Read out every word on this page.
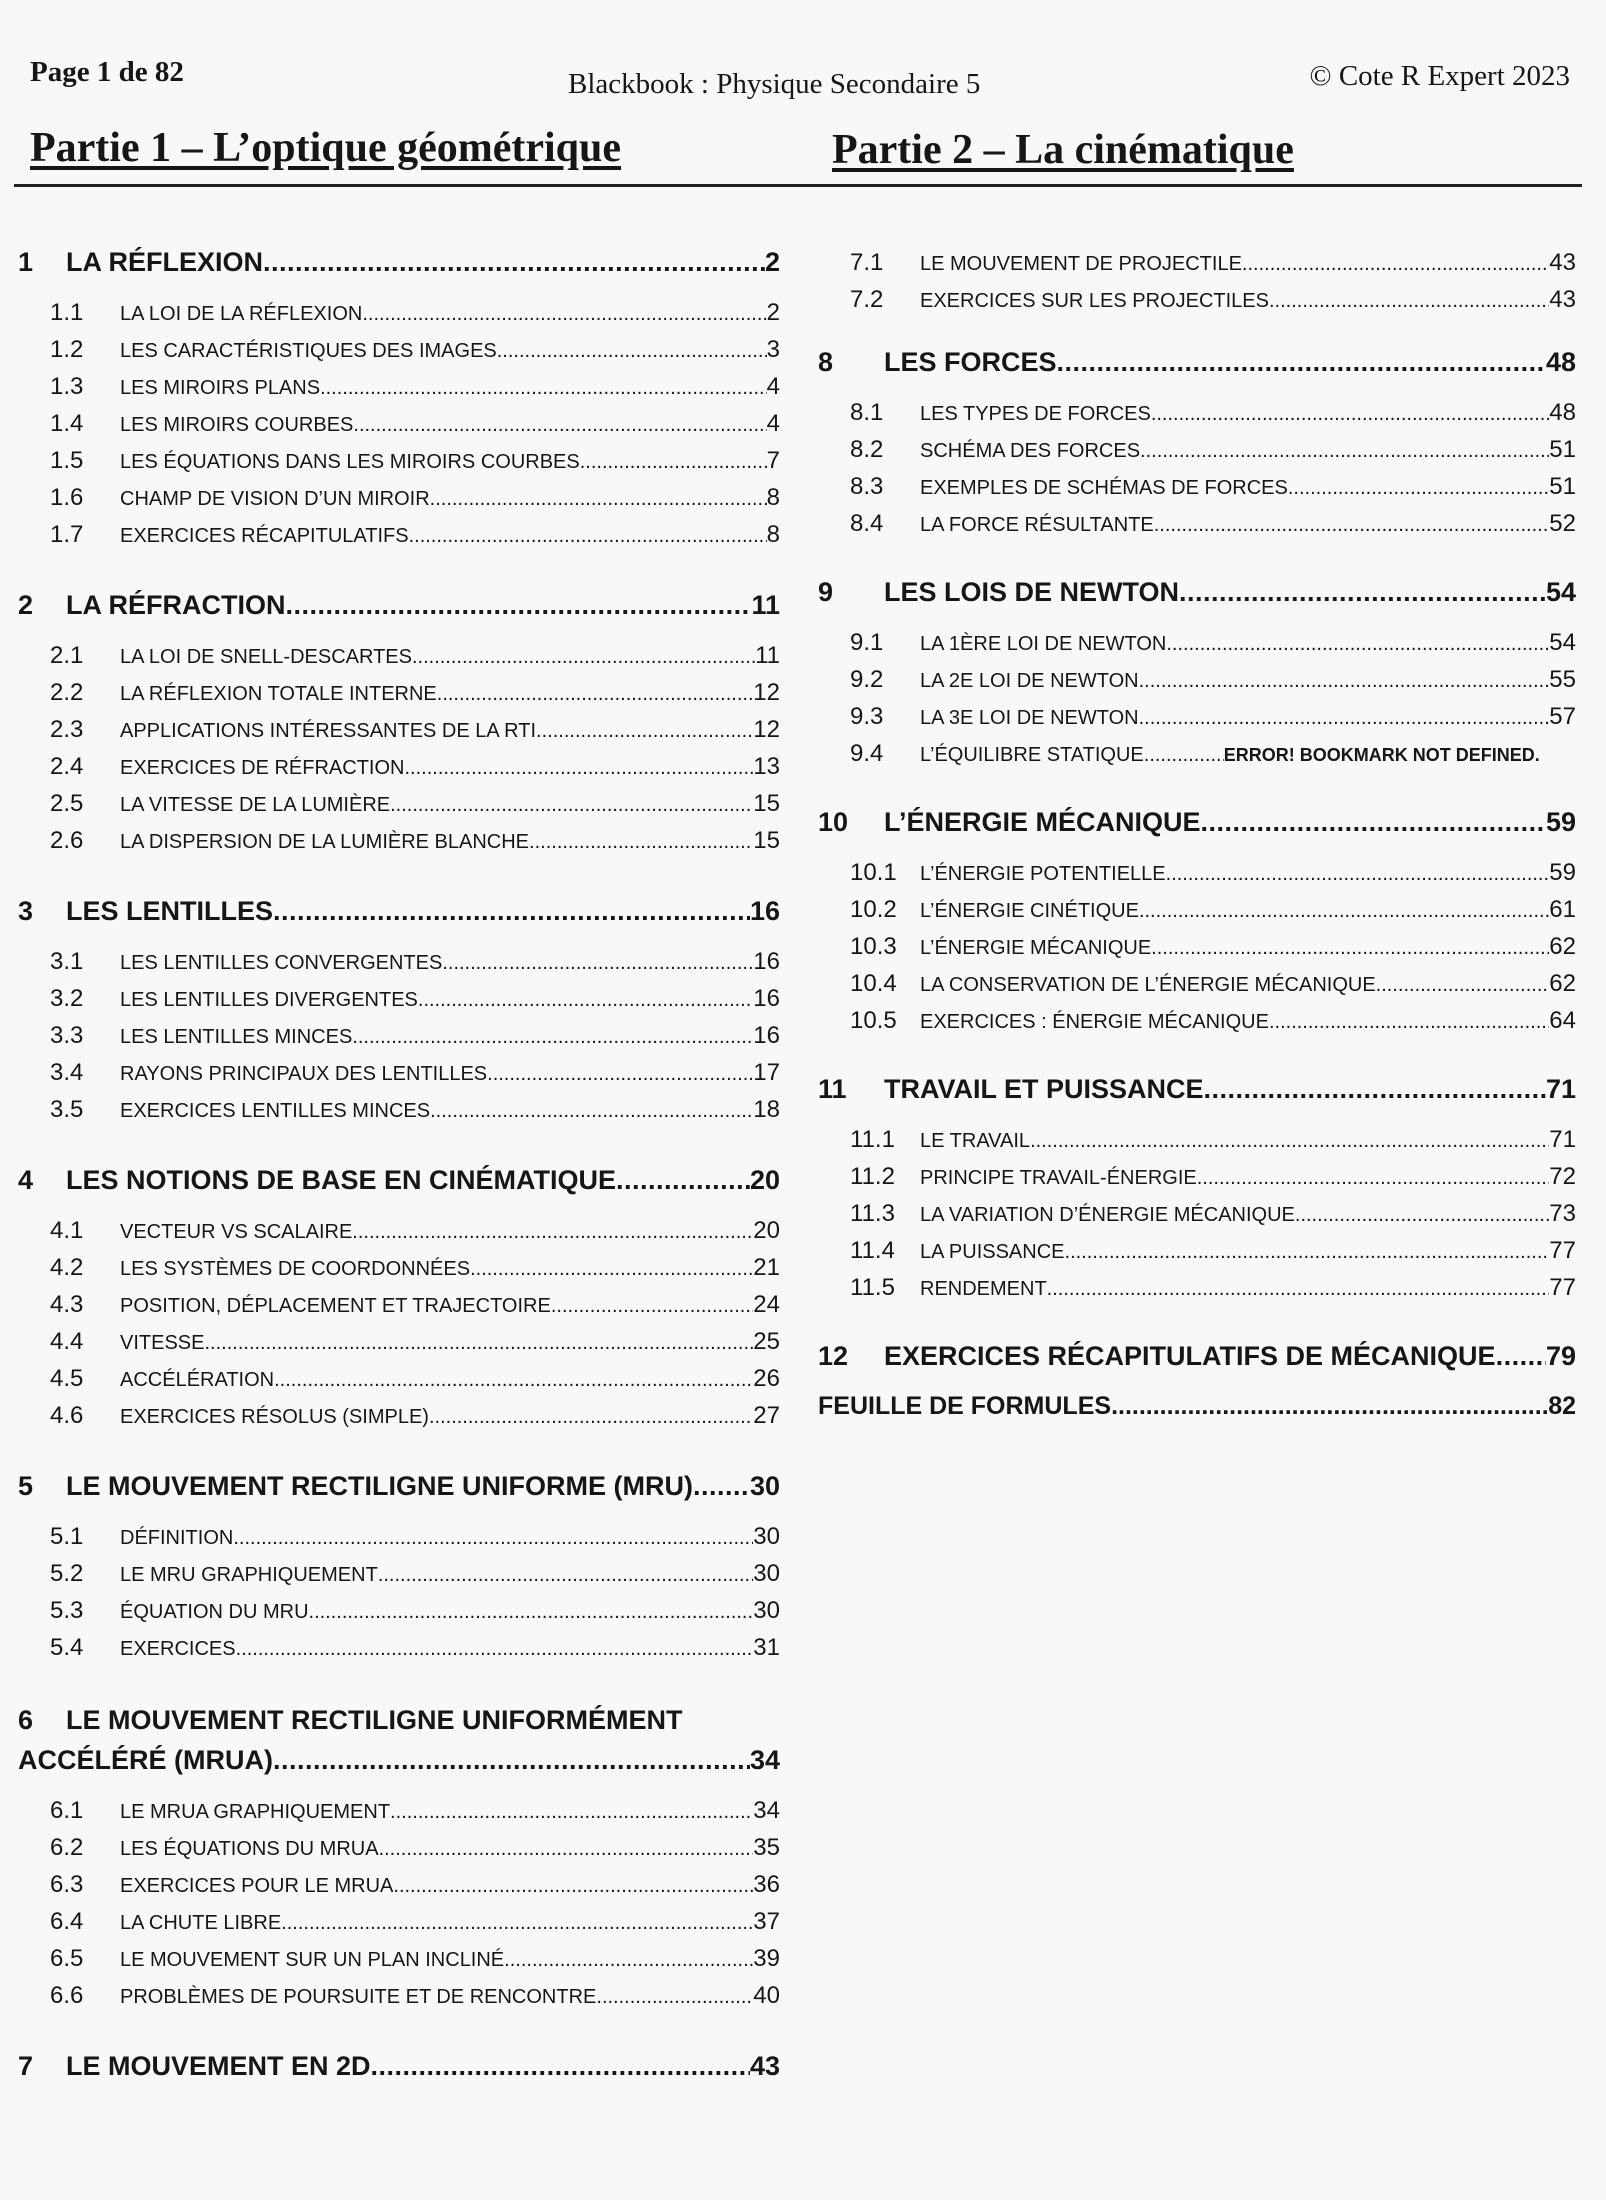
Page 1 de 82	Blackbook : Physique Secondaire 5	© Cote R Expert 2023
Partie 1 – L’optique géométrique	Partie 2 – La cinématique
1	LA RÉFLEXION .....	2
1.1	LA LOI DE LA RÉFLEXION .....	2
1.2	LES CARACTÉRISTIQUES DES IMAGES .....	3
1.3	LES MIROIRS PLANS .....	4
1.4	LES MIROIRS COURBES .....	4
1.5	LES ÉQUATIONS DANS LES MIROIRS COURBES .....	7
1.6	CHAMP DE VISION D’UN MIROIR .....	8
1.7	EXERCICES RÉCAPITULATIFS .....	8
2	LA RÉFRACTION .....	11
2.1	LA LOI DE SNELL-DESCARTES .....	11
2.2	LA RÉFLEXION TOTALE INTERNE .....	12
2.3	APPLICATIONS INTÉRESSANTES DE LA RTI .....	12
2.4	EXERCICES DE RÉFRACTION .....	13
2.5	LA VITESSE DE LA LUMIÈRE .....	15
2.6	LA DISPERSION DE LA LUMIÈRE BLANCHE .....	15
3	LES LENTILLES .....	16
3.1	LES LENTILLES CONVERGENTES .....	16
3.2	LES LENTILLES DIVERGENTES .....	16
3.3	LES LENTILLES MINCES .....	16
3.4	RAYONS PRINCIPAUX DES LENTILLES .....	17
3.5	EXERCICES LENTILLES MINCES .....	18
4	LES NOTIONS DE BASE EN CINÉMATIQUE .....	20
4.1	VECTEUR VS SCALAIRE .....	20
4.2	LES SYSTÈMES DE COORDONNÉES .....	21
4.3	POSITION, DÉPLACEMENT ET TRAJECTOIRE .....	24
4.4	VITESSE .....	25
4.5	ACCÉLÉRATION .....	26
4.6	EXERCICES RÉSOLUS (SIMPLE) .....	27
5	LE MOUVEMENT RECTILIGNE UNIFORME (MRU) ..... 30
5.1	DÉFINITION .....	30
5.2	LE MRU GRAPHIQUEMENT .....	30
5.3	ÉQUATION DU MRU .....	30
5.4	EXERCICES .....	31
6 LE MOUVEMENT RECTILIGNE UNIFORMÉMENT
ACCÉLÉRÉ (MRUA) .....	34
6.1	LE MRUA GRAPHIQUEMENT .....	34
6.2	LES ÉQUATIONS DU MRUA .....	35
6.3	EXERCICES POUR LE MRUA .....	36
6.4	LA CHUTE LIBRE .....	37
6.5	LE MOUVEMENT SUR UN PLAN INCLINÉ .....	39
6.6	PROBLÈMES DE POURSUITE ET DE RENCONTRE .....	40
7	LE MOUVEMENT EN 2D .....	43
7.1	LE MOUVEMENT DE PROJECTILE .....	43
7.2	EXERCICES SUR LES PROJECTILES .....	43
8	LES FORCES .....	48
8.1	LES TYPES DE FORCES .....	48
8.2	SCHÉMA DES FORCES .....	51
8.3	EXEMPLES DE SCHÉMAS DE FORCES .....	51
8.4	LA FORCE RÉSULTANTE .....	52
9	LES LOIS DE NEWTON .....	54
9.1	LA 1ÈRE LOI DE NEWTON .....	54
9.2	LA 2E LOI DE NEWTON .....	55
9.3	LA 3E LOI DE NEWTON .....	57
9.4	L’ÉQUILIBRE STATIQUE .....	ERROR! BOOKMARK NOT DEFINED.
10	L’ÉNERGIE MÉCANIQUE .....	59
10.1	L’ÉNERGIE POTENTIELLE .....	59
10.2	L’ÉNERGIE CINÉTIQUE .....	61
10.3	L’ÉNERGIE MÉCANIQUE .....	62
10.4	LA CONSERVATION DE L’ÉNERGIE MÉCANIQUE .....	62
10.5	EXERCICES : ÉNERGIE MÉCANIQUE .....	64
11	TRAVAIL ET PUISSANCE .....	71
11.1	LE TRAVAIL .....	71
11.2	PRINCIPE TRAVAIL-ÉNERGIE .....	72
11.3	LA VARIATION D’ÉNERGIE MÉCANIQUE .....	73
11.4	LA PUISSANCE .....	77
11.5	RENDEMENT .....	77
12	EXERCICES RÉCAPITULATIFS DE MÉCANIQUE ..... 79
FEUILLE DE FORMULES .....	82
